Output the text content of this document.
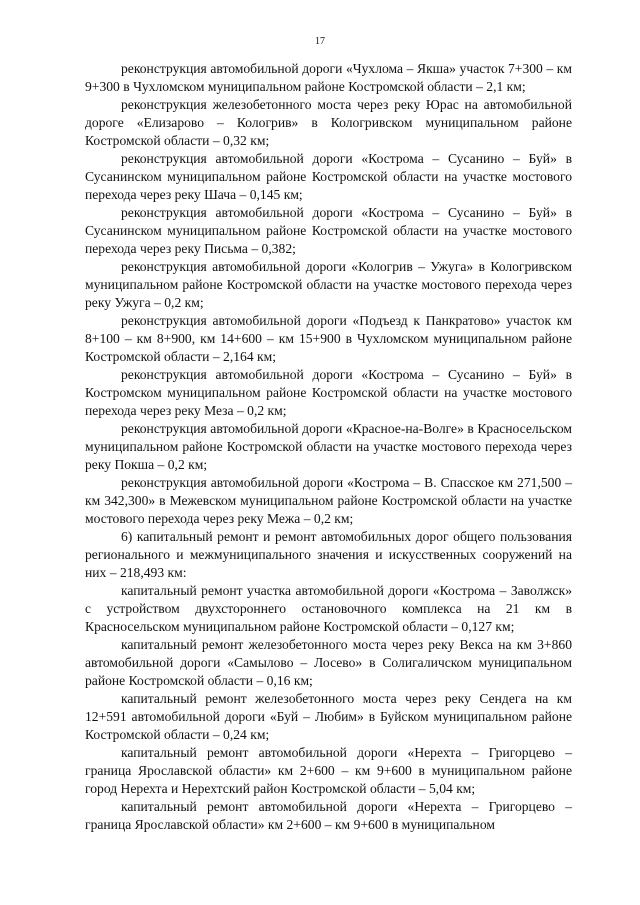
17

реконструкция автомобильной дороги «Чухлома – Якша» участок 7+300 – км 9+300 в Чухломском муниципальном районе Костромской области – 2,1 км;

реконструкция железобетонного моста через реку Юрас на автомобильной дороге «Елизарово – Кологрив» в Кологривском муниципальном районе Костромской области – 0,32 км;

реконструкция автомобильной дороги «Кострома – Сусанино – Буй» в Сусанинском муниципальном районе Костромской области на участке мостового перехода через реку Шача – 0,145 км;

реконструкция автомобильной дороги «Кострома – Сусанино – Буй» в Сусанинском муниципальном районе Костромской области на участке мостового перехода через реку Письма – 0,382;

реконструкция автомобильной дороги «Кологрив – Ужуга» в Кологривском муниципальном районе Костромской области на участке мостового перехода через реку Ужуга – 0,2 км;

реконструкция автомобильной дороги «Подъезд к Панкратово» участок км 8+100 – км 8+900, км 14+600 – км 15+900 в Чухломском муниципальном районе Костромской области – 2,164 км;

реконструкция автомобильной дороги «Кострома – Сусанино – Буй» в Костромском муниципальном районе Костромской области на участке мостового перехода через реку Меза – 0,2 км;

реконструкция автомобильной дороги «Красное-на-Волге» в Красносельском муниципальном районе Костромской области на участке мостового перехода через реку Покша – 0,2 км;

реконструкция автомобильной дороги «Кострома – В. Спасское км 271,500 – км 342,300» в Межевском муниципальном районе Костромской области на участке мостового перехода через реку Межа – 0,2 км;

6) капитальный ремонт и ремонт автомобильных дорог общего пользования регионального и межмуниципального значения и искусственных сооружений на них – 218,493 км:

капитальный ремонт участка автомобильной дороги «Кострома – Заволжск» с устройством двухстороннего остановочного комплекса на 21 км в Красносельском муниципальном районе Костромской области – 0,127 км;

капитальный ремонт железобетонного моста через реку Векса на км 3+860 автомобильной дороги «Самылово – Лосево» в Солигаличском муниципальном районе Костромской области – 0,16 км;

капитальный ремонт железобетонного моста через реку Сендега на км 12+591 автомобильной дороги «Буй – Любим» в Буйском муниципальном районе Костромской области – 0,24 км;

капитальный ремонт автомобильной дороги «Нерехта – Григорцево – граница Ярославской области» км 2+600 – км 9+600 в муниципальном районе город Нерехта и Нерехтский район Костромской области – 5,04 км;

капитальный ремонт автомобильной дороги «Нерехта – Григорцево – граница Ярославской области» км 2+600 – км 9+600 в муниципальном
